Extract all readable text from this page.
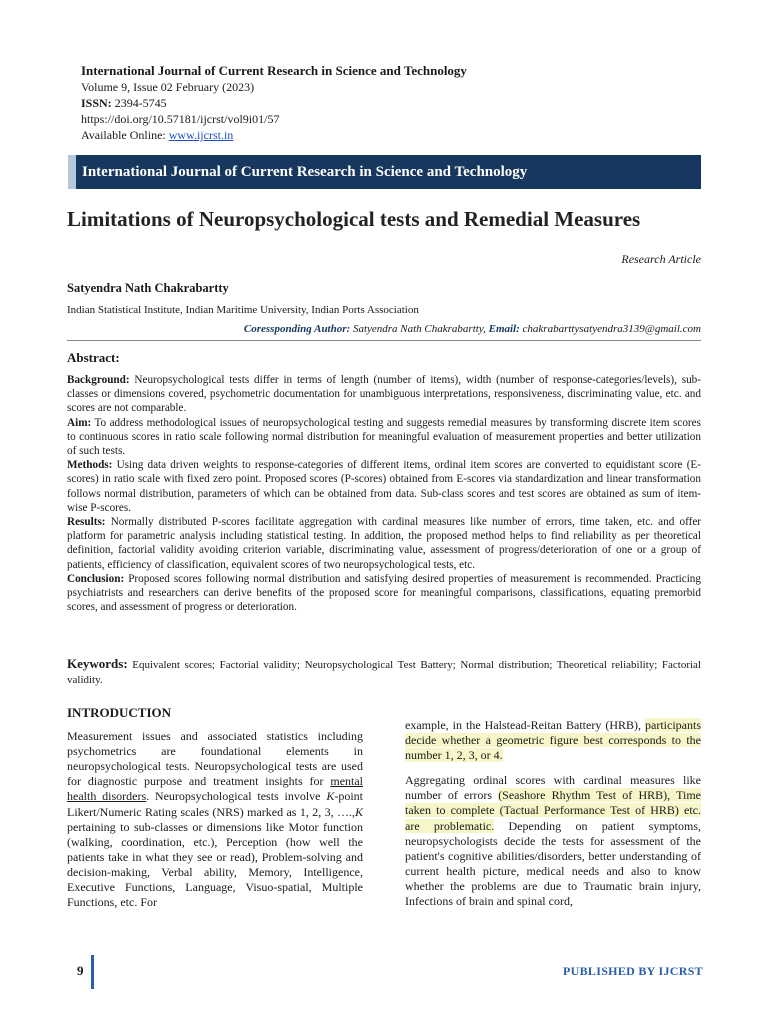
International Journal of Current Research in Science and Technology
Volume 9, Issue 02 February (2023)
ISSN: 2394-5745
https://doi.org/10.57181/ijcrst/vol9i01/57
Available Online: www.ijcrst.in
International Journal of Current Research in Science and Technology
Limitations of Neuropsychological tests and Remedial Measures
Research Article
Satyendra Nath Chakrabartty
Indian Statistical Institute, Indian Maritime University, Indian Ports Association
Coressponding Author: Satyendra Nath Chakrabartty, Email: chakrabarttysatyendra3139@gmail.com
Abstract:

Background: Neuropsychological tests differ in terms of length (number of items), width (number of response-categories/levels), sub-classes or dimensions covered, psychometric documentation for unambiguous interpretations, responsiveness, discriminating value, etc. and scores are not comparable.

Aim: To address methodological issues of neuropsychological testing and suggests remedial measures by transforming discrete item scores to continuous scores in ratio scale following normal distribution for meaningful evaluation of measurement properties and better utilization of such tests.

Methods: Using data driven weights to response-categories of different items, ordinal item scores are converted to equidistant score (E-scores) in ratio scale with fixed zero point. Proposed scores (P-scores) obtained from E-scores via standardization and linear transformation follows normal distribution, parameters of which can be obtained from data. Sub-class scores and test scores are obtained as sum of item-wise P-scores.

Results: Normally distributed P-scores facilitate aggregation with cardinal measures like number of errors, time taken, etc. and offer platform for parametric analysis including statistical testing. In addition, the proposed method helps to find reliability as per theoretical definition, factorial validity avoiding criterion variable, discriminating value, assessment of progress/deterioration of one or a group of patients, efficiency of classification, equivalent scores of two neuropsychological tests, etc.

Conclusion: Proposed scores following normal distribution and satisfying desired properties of measurement is recommended. Practicing psychiatrists and researchers can derive benefits of the proposed score for meaningful comparisons, classifications, equating premorbid scores, and assessment of progress or deterioration.

Keywords: Equivalent scores; Factorial validity; Neuropsychological Test Battery; Normal distribution; Theoretical reliability; Factorial validity.
INTRODUCTION

Measurement issues and associated statistics including psychometrics are foundational elements in neuropsychological tests. Neuropsychological tests are used for diagnostic purpose and treatment insights for mental health disorders. Neuropsychological tests involve K-point Likert/Numeric Rating scales (NRS) marked as 1, 2, 3, ….,K pertaining to sub-classes or dimensions like Motor function (walking, coordination, etc.), Perception (how well the patients take in what they see or read), Problem-solving and decision-making, Verbal ability, Memory, Intelligence, Executive Functions, Language, Visuo-spatial, Multiple Functions, etc. For

example, in the Halstead-Reitan Battery (HRB), participants decide whether a geometric figure best corresponds to the number 1, 2, 3, or 4.

Aggregating ordinal scores with cardinal measures like number of errors (Seashore Rhythm Test of HRB), Time taken to complete (Tactual Performance Test of HRB) etc. are problematic. Depending on patient symptoms, neuropsychologists decide the tests for assessment of the patient's cognitive abilities/disorders, better understanding of current health picture, medical needs and also to know whether the problems are due to Traumatic brain injury, Infections of brain and spinal cord,

9	PUBLISHED BY IJCRST
